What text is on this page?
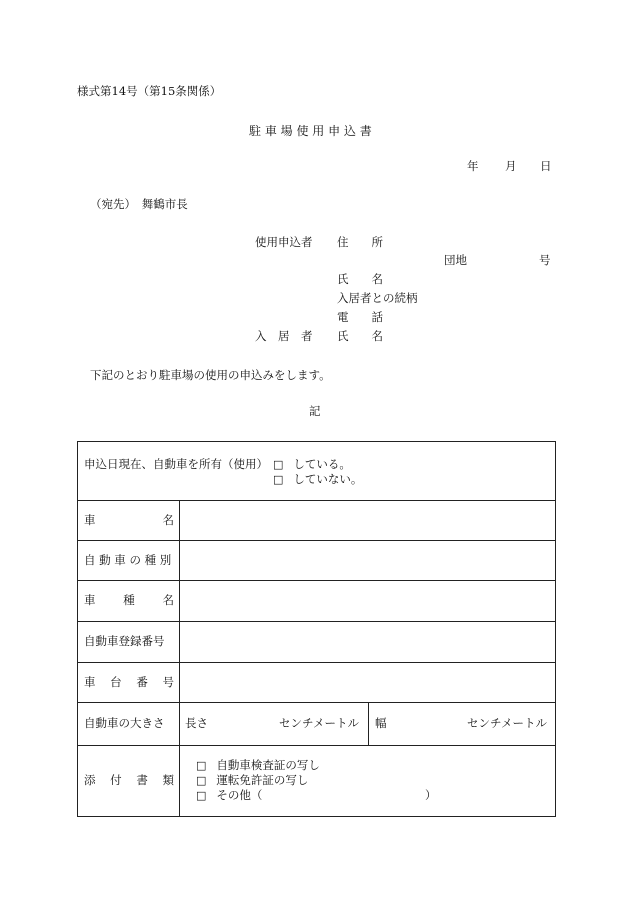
様式第14号（第15条関係）
駐 車 場 使 用 申 込 書
年 月 日
（宛先）　舞鶴市長
使用申込者 住　　所
団地	号
氏　　名
入居者との続柄
電　　話
入　居　者 氏　　名
下記のとおり駐車場の使用の申込みをします。
記
申込日現在、自動車を所有（使用） □ している。
□ していない。
車	名
自 動 車 の 種 別
車 種 名
自動車登録番号
車 台 番 号
自動車の大きさ 長さ	センチメートル 幅	センチメートル
添 付 書 類
□ 自動車検査証の写し
□ 運転免許証の写し
□ その他（	）
